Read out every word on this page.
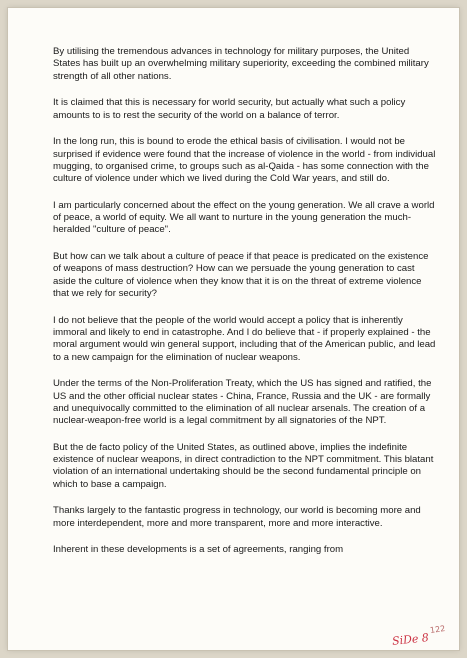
By utilising the tremendous advances in technology for military purposes, the United States has built up an overwhelming military superiority, exceeding the combined military strength of all other nations.

It is claimed that this is necessary for world security, but actually what such a policy amounts to is to rest the security of the world on a balance of terror.

In the long run, this is bound to erode the ethical basis of civilisation. I would not be surprised if evidence were found that the increase of violence in the world - from individual mugging, to organised crime, to groups such as al-Qaida - has some connection with the culture of violence under which we lived during the Cold War years, and still do.

I am particularly concerned about the effect on the young generation. We all crave a world of peace, a world of equity. We all want to nurture in the young generation the much-heralded "culture of peace".

But how can we talk about a culture of peace if that peace is predicated on the existence of weapons of mass destruction? How can we persuade the young generation to cast aside the culture of violence when they know that it is on the threat of extreme violence that we rely for security?

I do not believe that the people of the world would accept a policy that is inherently immoral and likely to end in catastrophe. And I do believe that - if properly explained - the moral argument would win general support, including that of the American public, and lead to a new campaign for the elimination of nuclear weapons.

Under the terms of the Non-Proliferation Treaty, which the US has signed and ratified, the US and the other official nuclear states - China, France, Russia and the UK - are formally and unequivocally committed to the elimination of all nuclear arsenals. The creation of a nuclear-weapon-free world is a legal commitment by all signatories of the NPT.

But the de facto policy of the United States, as outlined above, implies the indefinite existence of nuclear weapons, in direct contradiction to the NPT commitment. This blatant violation of an international undertaking should be the second fundamental principle on which to base a campaign.

Thanks largely to the fantastic progress in technology, our world is becoming more and more interdependent, more and more transparent, more and more interactive.

Inherent in these developments is a set of agreements, ranging from

122
SiDe 8
